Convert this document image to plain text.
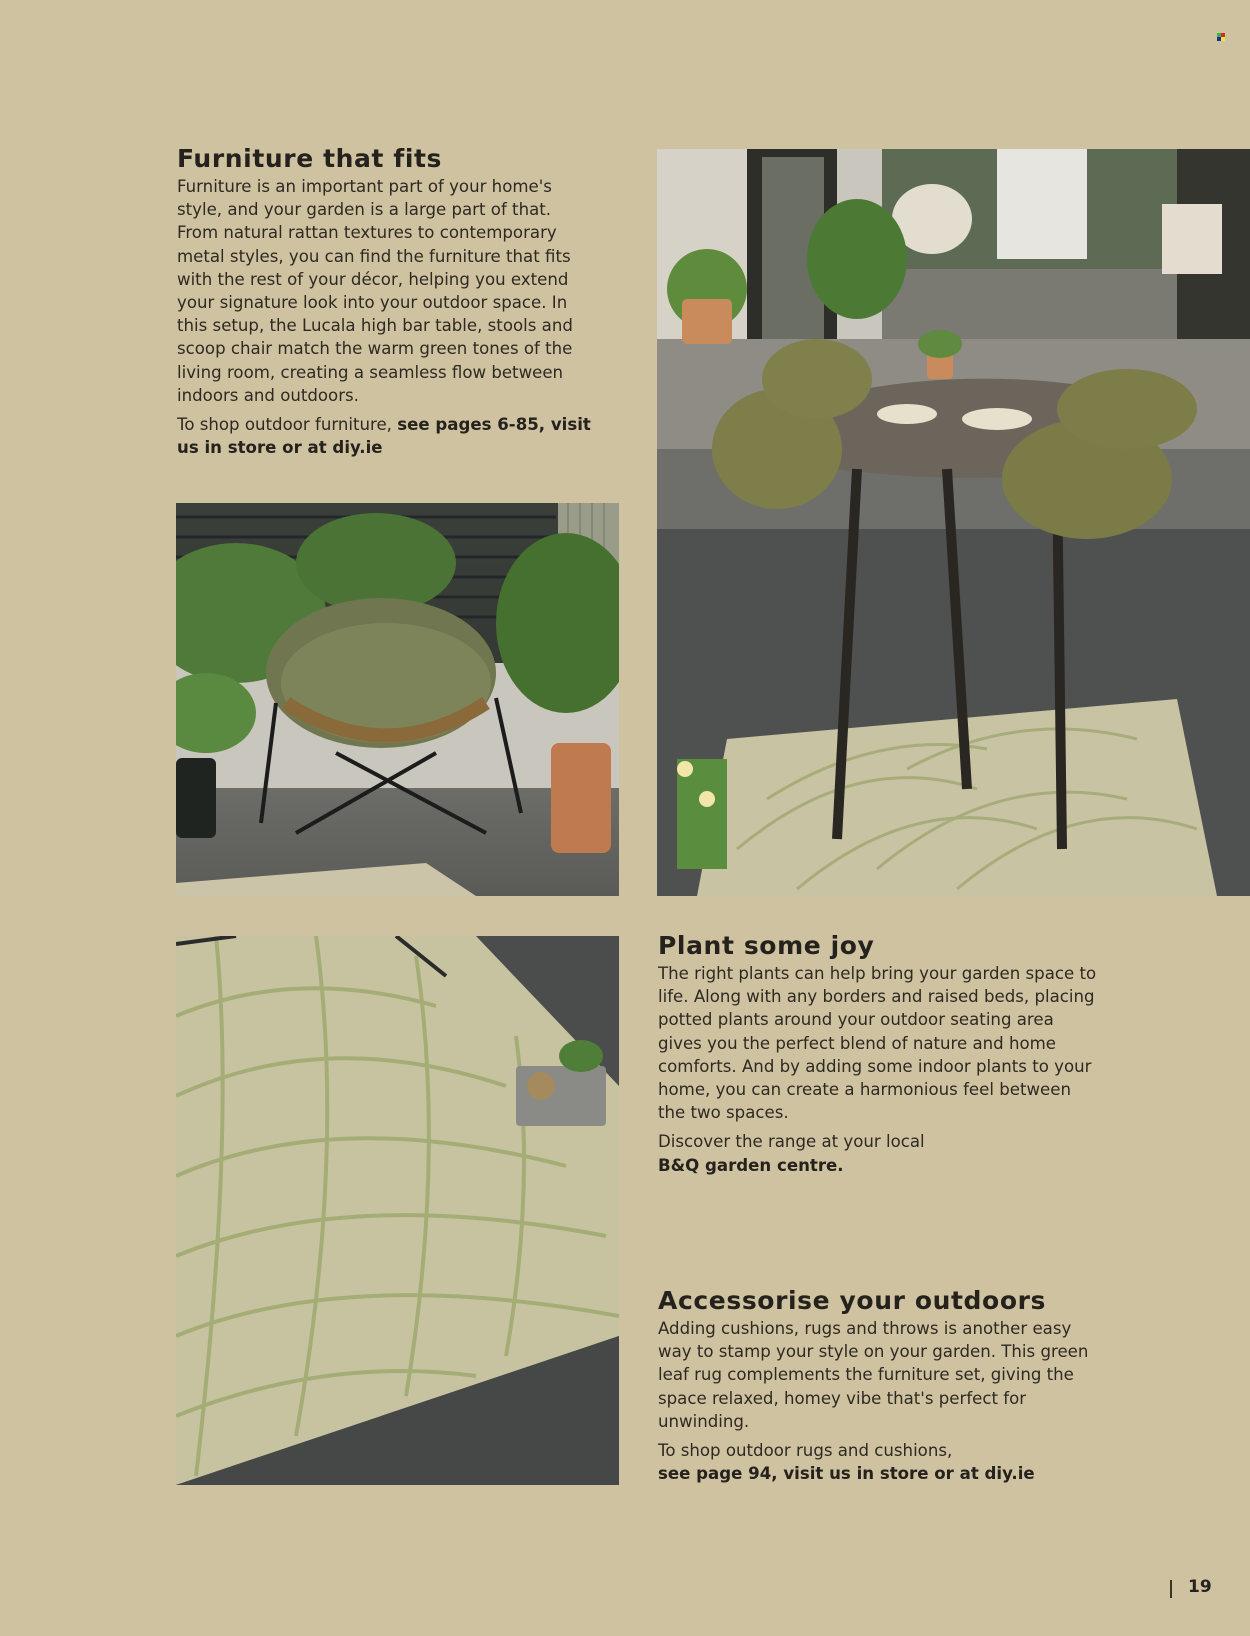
Furniture that fits

Furniture is an important part of your home's style, and your garden is a large part of that. From natural rattan textures to contemporary metal styles, you can find the furniture that fits with the rest of your décor, helping you extend your signature look into your outdoor space. In this setup, the Lucala high bar table, stools and scoop chair match the warm green tones of the living room, creating a seamless flow between indoors and outdoors.

To shop outdoor furniture, see pages 6-85, visit us in store or at diy.ie

Plant some joy

The right plants can help bring your garden space to life. Along with any borders and raised beds, placing potted plants around your outdoor seating area gives you the perfect blend of nature and home comforts. And by adding some indoor plants to your home, you can create a harmonious feel between the two spaces.

Discover the range at your local
B&Q garden centre.

Accessorise your outdoors

Adding cushions, rugs and throws is another easy way to stamp your style on your garden. This green leaf rug complements the furniture set, giving the space relaxed, homey vibe that's perfect for unwinding.

To shop outdoor rugs and cushions,
see page 94, visit us in store or at diy.ie

19
